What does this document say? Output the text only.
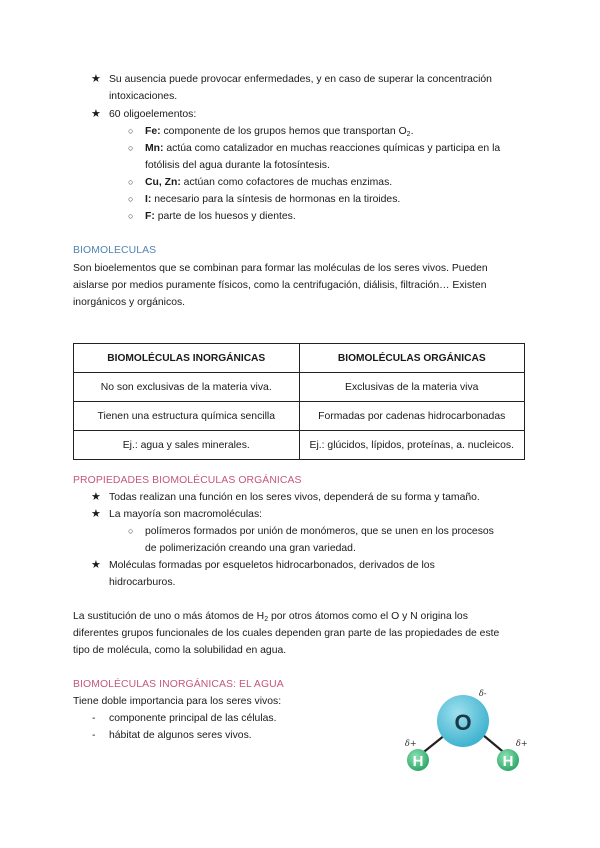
★ Su ausencia puede provocar enfermedades, y en caso de superar la concentración
intoxicaciones.
★ 60 oligoelementos:
○ Fe: componente de los grupos hemos que transportan $O_2$.
○ Mn: actúa como catalizador en muchas reacciones químicas y participa en la
fotólisis del agua durante la fotosíntesis.
○ Cu, Zn: actúan como cofactores de muchas enzimas.
○ I: necesario para la síntesis de hormonas en la tiroides.
○ F: parte de los huesos y dientes.
BIOMOLECULAS
Son bioelementos que se combinan para formar las moléculas de los seres vivos. Pueden
aislarse por medios puramente físicos, como la centrifugación, diálisis, filtración… Existen
inorgánicos y orgánicos.
BIOMOLÉCULAS INORGÁNICAS	BIOMOLÉCULAS ORGÁNICAS
No son exclusivas de la materia viva.	Exclusivas de la materia viva
Tienen una estructura química sencilla	Formadas por cadenas hidrocarbonadas
Ej.: agua y sales minerales.	Ej.: glúcidos, lípidos, proteínas, a. nucleicos.
PROPIEDADES BIOMOLÉCULAS ORGÁNICAS
★ Todas realizan una función en los seres vivos, dependerá de su forma y tamaño.
★ La mayoría son macromoléculas:
○ polímeros formados por unión de monómeros, que se unen en los procesos
de polimerización creando una gran variedad.
★ Moléculas formadas por esqueletos hidrocarbonados, derivados de los
hidrocarburos.
La sustitución de uno o más átomos de $H_2$ por otros átomos como el O y N origina los
diferentes grupos funcionales de los cuales dependen gran parte de las propiedades de este
tipo de molécula, como la solubilidad en agua.
BIOMOLÉCULAS INORGÁNICAS: EL AGUA
Tiene doble importancia para los seres vivos:
- componente principal de las células.
- hábitat de algunos seres vivos.
O
H	H
δ-
δ+	δ+
